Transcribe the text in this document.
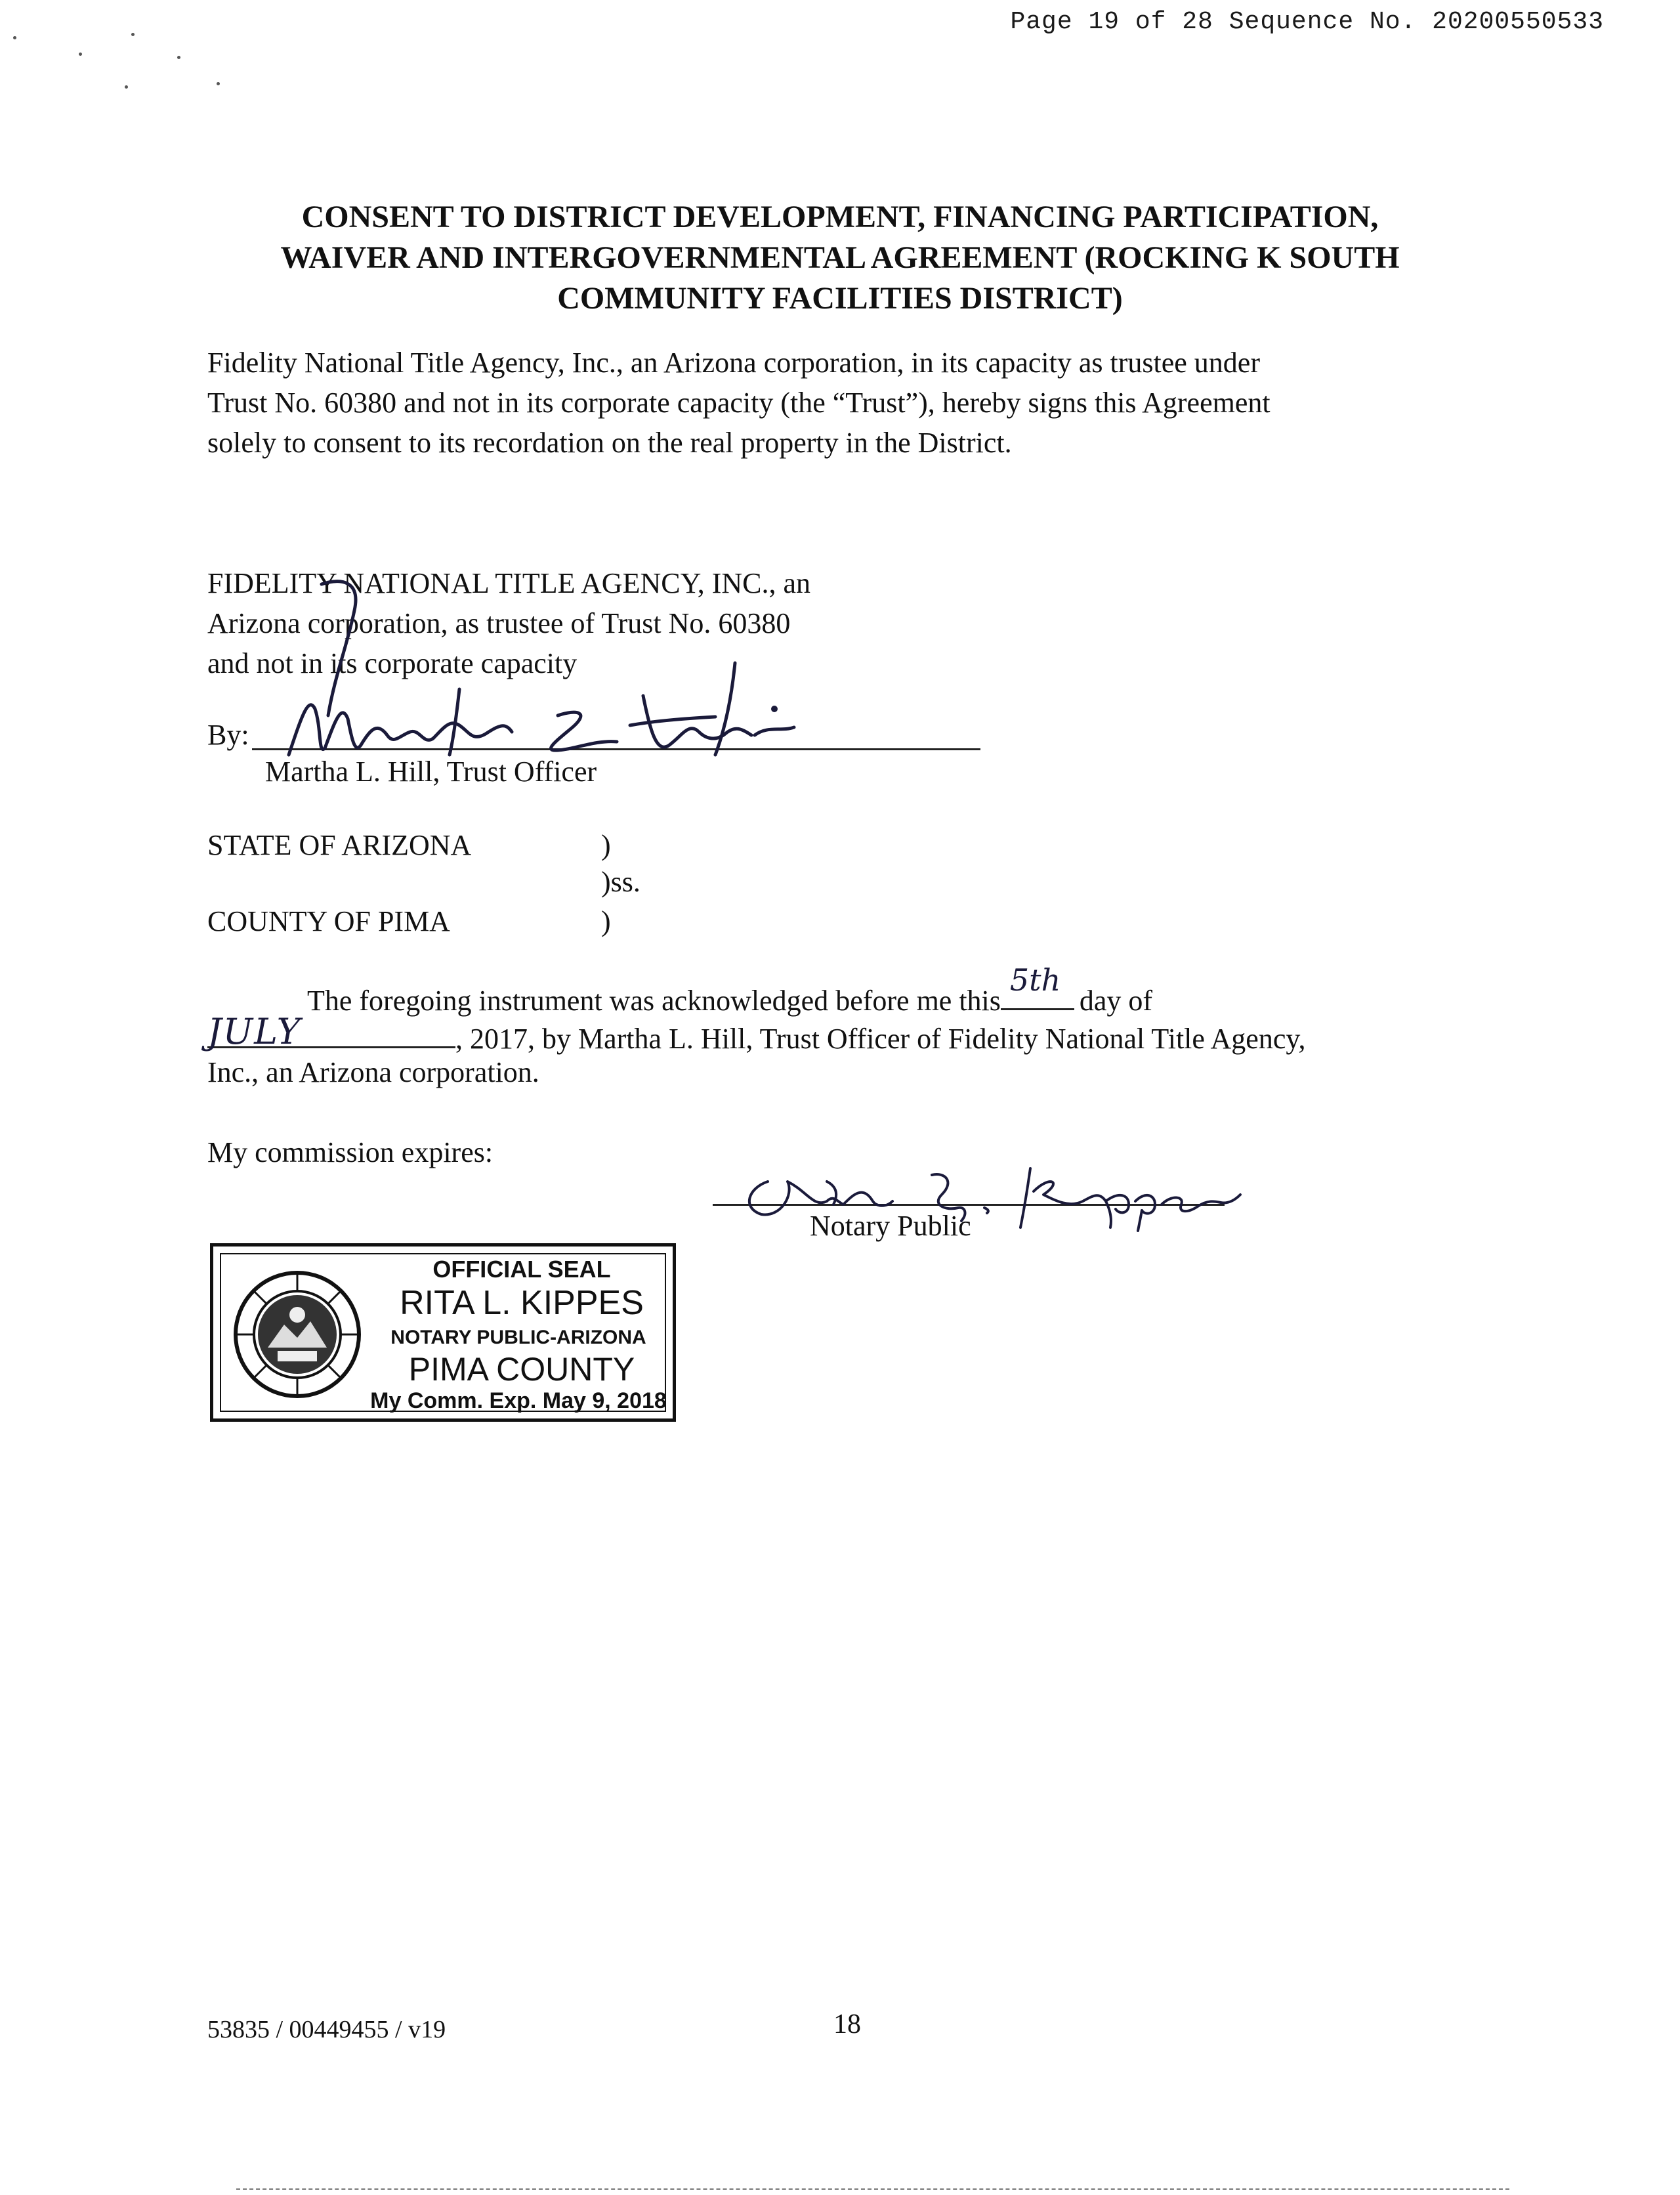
Page 19 of 28 Sequence No. 20200550533
CONSENT TO DISTRICT DEVELOPMENT, FINANCING PARTICIPATION,
WAIVER AND INTERGOVERNMENTAL AGREEMENT (ROCKING K SOUTH
COMMUNITY FACILITIES DISTRICT)
Fidelity National Title Agency, Inc., an Arizona corporation, in its capacity as trustee under
Trust No. 60380 and not in its corporate capacity (the “Trust”), hereby signs this Agreement
solely to consent to its recordation on the real property in the District.
FIDELITY NATIONAL TITLE AGENCY, INC., an
Arizona corporation, as trustee of Trust No. 60380
and not in its corporate capacity
By:
Martha L. Hill, Trust Officer
STATE OF ARIZONA	)
)ss.
COUNTY OF PIMA	)
The foregoing instrument was acknowledged before me this
5th
day of
JULY	, 2017, by Martha L. Hill, Trust Officer of Fidelity National Title Agency,
Inc., an Arizona corporation.
My commission expires:
Notary Public
OFFICIAL SEAL
RITA L. KIPPES
NOTARY PUBLIC-ARIZONA
PIMA COUNTY
My Comm. Exp. May 9, 2018
53835 / 00449455 / v19	18
